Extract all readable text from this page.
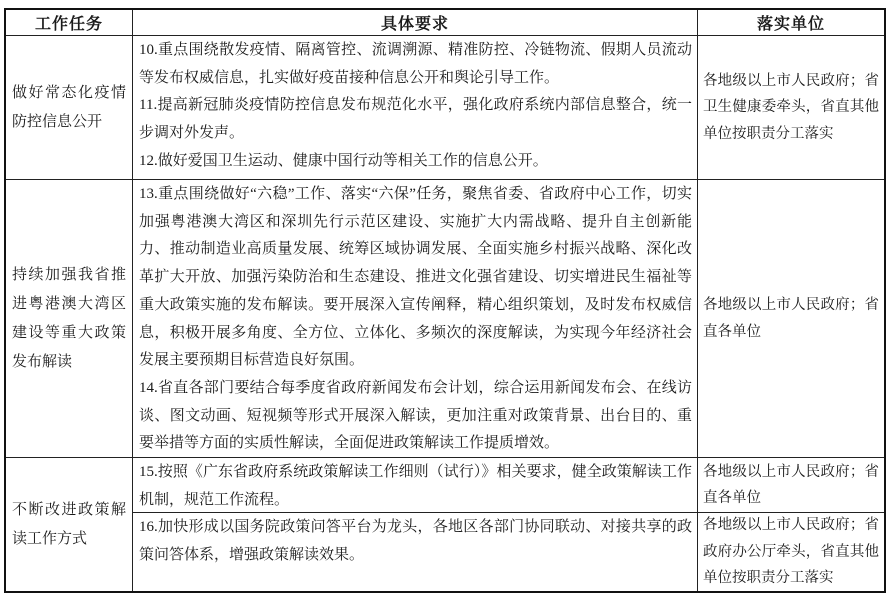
工作任务	具体要求	落实单位
做好常态化疫情防控信息公开

10.重点围绕散发疫情、隔离管控、流调溯源、精准防控、冷链物流、假期人员流动等发布权威信息，扎实做好疫苗接种信息公开和舆论引导工作。

11.提高新冠肺炎疫情防控信息发布规范化水平，强化政府系统内部信息整合，统一步调对外发声。

12.做好爱国卫生运动、健康中国行动等相关工作的信息公开。

各地级以上市人民政府；省卫生健康委牵头，省直其他单位按职责分工落实
持续加强我省推进粤港澳大湾区建设等重大政策发布解读

13.重点围绕做好“六稳”工作、落实“六保”任务，聚焦省委、省政府中心工作，切实加强粤港澳大湾区和深圳先行示范区建设、实施扩大内需战略、提升自主创新能力、推动制造业高质量发展、统筹区域协调发展、全面实施乡村振兴战略、深化改革扩大开放、加强污染防治和生态建设、推进文化强省建设、切实增进民生福祉等重大政策实施的发布解读。要开展深入宣传阐释，精心组织策划，及时发布权威信息，积极开展多角度、全方位、立体化、多频次的深度解读，为实现今年经济社会发展主要预期目标营造良好氛围。

14.省直各部门要结合每季度省政府新闻发布会计划，综合运用新闻发布会、在线访谈、图文动画、短视频等形式开展深入解读，更加注重对政策背景、出台目的、重要举措等方面的实质性解读，全面促进政策解读工作提质增效。

各地级以上市人民政府；省直各单位
不断改进政策解读工作方式

15.按照《广东省政府系统政策解读工作细则（试行）》相关要求，健全政策解读工作机制，规范工作流程。

各地级以上市人民政府；省直各单位

16.加快形成以国务院政策问答平台为龙头，各地区各部门协同联动、对接共享的政策问答体系，增强政策解读效果。

各地级以上市人民政府；省政府办公厅牵头，省直其他单位按职责分工落实
